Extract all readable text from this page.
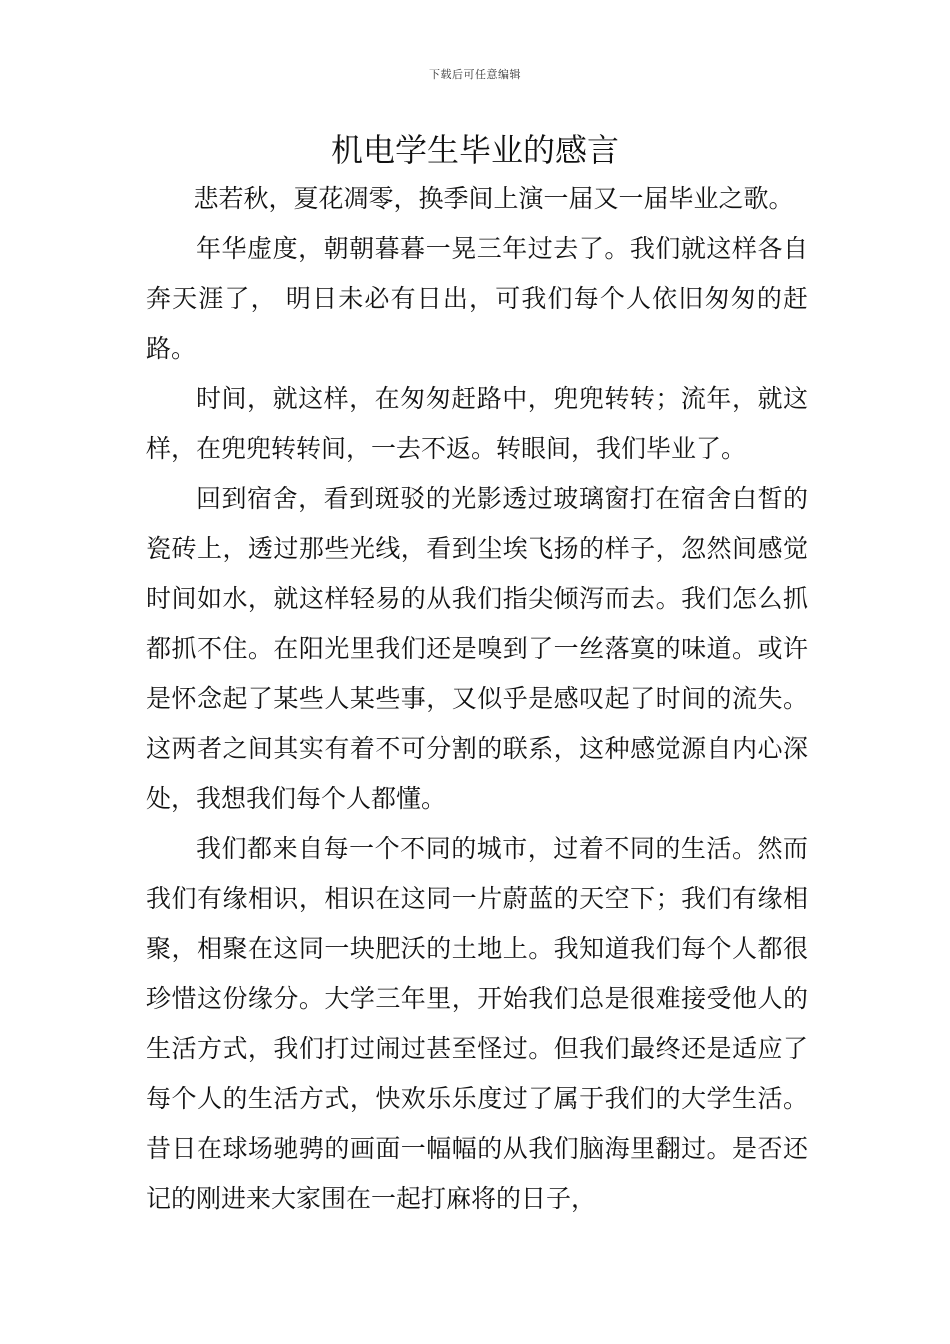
下载后可任意编辑
机电学生毕业的感言

悲若秋，夏花凋零，换季间上演一届又一届毕业之歌。

年华虚度，朝朝暮暮一晃三年过去了。我们就这样各自奔天涯了， 明日未必有日出，可我们每个人依旧匆匆的赶路。

时间，就这样，在匆匆赶路中，兜兜转转；流年，就这样，在兜兜转转间，一去不返。转眼间，我们毕业了。

回到宿舍，看到斑驳的光影透过玻璃窗打在宿舍白皙的瓷砖上，透过那些光线，看到尘埃飞扬的样子，忽然间感觉时间如水，就这样轻易的从我们指尖倾泻而去。我们怎么抓都抓不住。在阳光里我们还是嗅到了一丝落寞的味道。或许是怀念起了某些人某些事，又似乎是感叹起了时间的流失。这两者之间其实有着不可分割的联系，这种感觉源自内心深处，我想我们每个人都懂。

我们都来自每一个不同的城市，过着不同的生活。然而我们有缘相识，相识在这同一片蔚蓝的天空下；我们有缘相聚，相聚在这同一块肥沃的土地上。我知道我们每个人都很珍惜这份缘分。大学三年里，开始我们总是很难接受他人的生活方式，我们打过闹过甚至怪过。但我们最终还是适应了每个人的生活方式，快欢乐乐度过了属于我们的大学生活。昔日在球场驰骋的画面一幅幅的从我们脑海里翻过。是否还记的刚进来大家围在一起打麻将的日子，
